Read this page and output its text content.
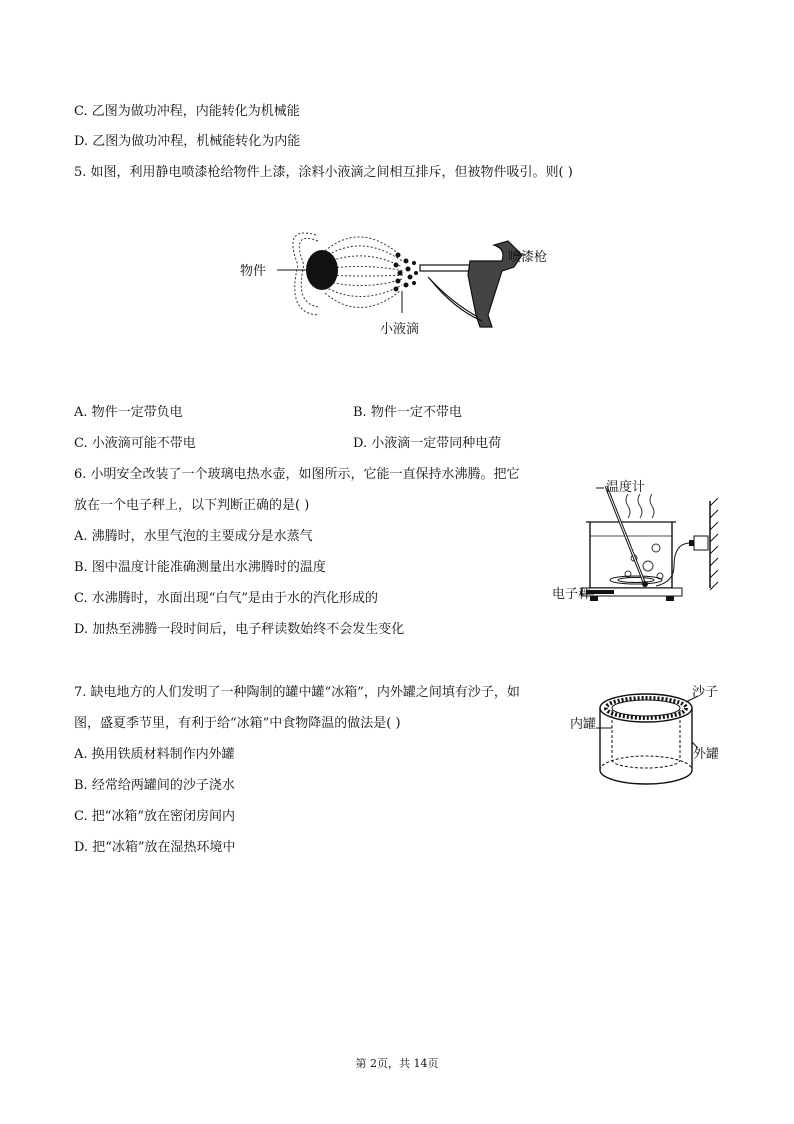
C. 乙图为做功冲程，内能转化为机械能
D. 乙图为做功冲程，机械能转化为内能
5. 如图，利用静电喷漆枪给物件上漆，涂料小液滴之间相互排斥，但被物件吸引。则( )
物件
小液滴
喷漆枪
A. 物件一定带负电	B. 物件一定不带电
C. 小液滴可能不带电	D. 小液滴一定带同种电荷
6. 小明安全改装了一个玻璃电热水壶，如图所示，它能一直保持水沸腾。把它
放在一个电子秤上，以下判断正确的是( )
A. 沸腾时，水里气泡的主要成分是水蒸气
B. 图中温度计能准确测量出水沸腾时的温度
C. 水沸腾时，水面出现“白气”是由于水的汽化形成的
D. 加热至沸腾一段时间后，电子秤读数始终不会发生变化
温度计
电子秤
7. 缺电地方的人们发明了一种陶制的罐中罐“冰箱”，内外罐之间填有沙子，如
图，盛夏季节里，有利于给“冰箱”中食物降温的做法是( )
A. 换用铁质材料制作内外罐
B. 经常给两罐间的沙子浇水
C. 把“冰箱”放在密闭房间内
D. 把“冰箱”放在湿热环境中
沙子
内罐
外罐
第 2页，共 14页
